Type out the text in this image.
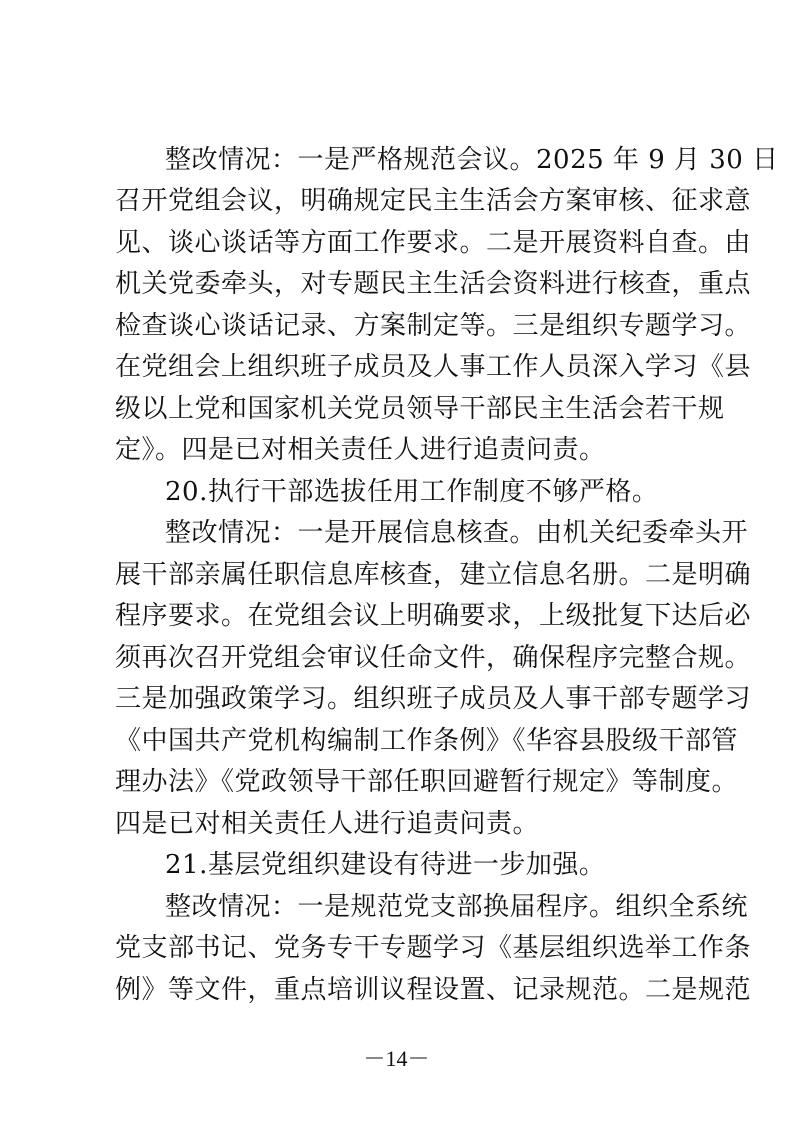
整改情况：一是严格规范会议。2025 年 9 月 30 日
召开党组会议，明确规定民主生活会方案审核、征求意
见、谈心谈话等方面工作要求。二是开展资料自查。由
机关党委牵头，对专题民主生活会资料进行核查，重点
检查谈心谈话记录、方案制定等。三是组织专题学习。
在党组会上组织班子成员及人事工作人员深入学习《县
级以上党和国家机关党员领导干部民主生活会若干规
定》。四是已对相关责任人进行追责问责。
20.执行干部选拔任用工作制度不够严格。
整改情况：一是开展信息核查。由机关纪委牵头开
展干部亲属任职信息库核查，建立信息名册。二是明确
程序要求。在党组会议上明确要求，上级批复下达后必
须再次召开党组会审议任命文件，确保程序完整合规。
三是加强政策学习。组织班子成员及人事干部专题学习
《中国共产党机构编制工作条例》《华容县股级干部管
理办法》《党政领导干部任职回避暂行规定》等制度。
四是已对相关责任人进行追责问责。
21.基层党组织建设有待进一步加强。
整改情况：一是规范党支部换届程序。组织全系统
党支部书记、党务专干专题学习《基层组织选举工作条
例》等文件，重点培训议程设置、记录规范。二是规范
－14－
